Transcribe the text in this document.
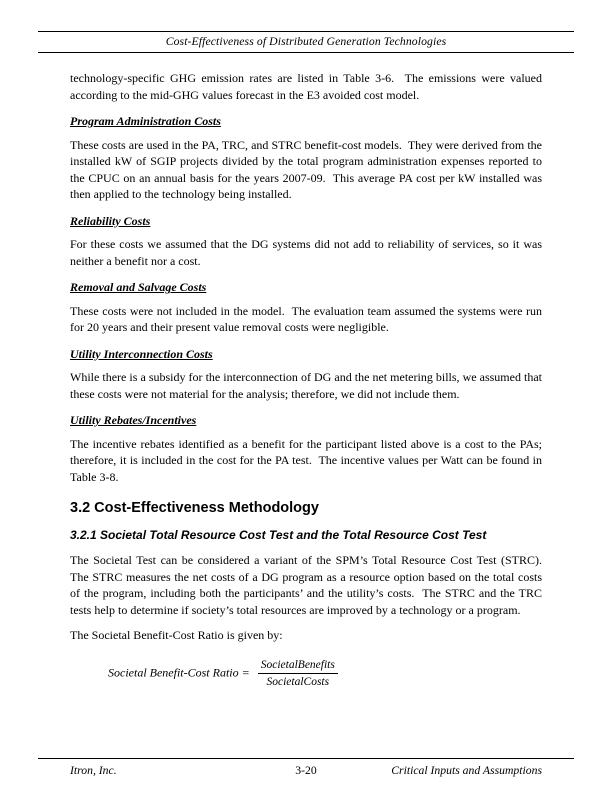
Cost-Effectiveness of Distributed Generation Technologies

technology-specific GHG emission rates are listed in Table 3-6.  The emissions were valued according to the mid-GHG values forecast in the E3 avoided cost model.

Program Administration Costs

These costs are used in the PA, TRC, and STRC benefit-cost models.  They were derived from the installed kW of SGIP projects divided by the total program administration expenses reported to the CPUC on an annual basis for the years 2007-09.  This average PA cost per kW installed was then applied to the technology being installed.

Reliability Costs

For these costs we assumed that the DG systems did not add to reliability of services, so it was neither a benefit nor a cost.

Removal and Salvage Costs

These costs were not included in the model.  The evaluation team assumed the systems were run for 20 years and their present value removal costs were negligible.

Utility Interconnection Costs

While there is a subsidy for the interconnection of DG and the net metering bills, we assumed that these costs were not material for the analysis; therefore, we did not include them.

Utility Rebates/Incentives

The incentive rebates identified as a benefit for the participant listed above is a cost to the PAs; therefore, it is included in the cost for the PA test.  The incentive values per Watt can be found in Table 3-8.

3.2 Cost-Effectiveness Methodology
3.2.1 Societal Total Resource Cost Test and the Total Resource Cost Test

The Societal Test can be considered a variant of the SPM’s Total Resource Cost Test (STRC).  The STRC measures the net costs of a DG program as a resource option based on the total costs of the program, including both the participants’ and the utility’s costs.  The STRC and the TRC tests help to determine if society’s total resources are improved by a technology or a program.

The Societal Benefit-Cost Ratio is given by:

Societal Benefit-Cost Ratio = $\frac{\text{SocietalBenefits}}{\text{SocietalCosts}}$
Itron, Inc.	3-20	Critical Inputs and Assumptions
